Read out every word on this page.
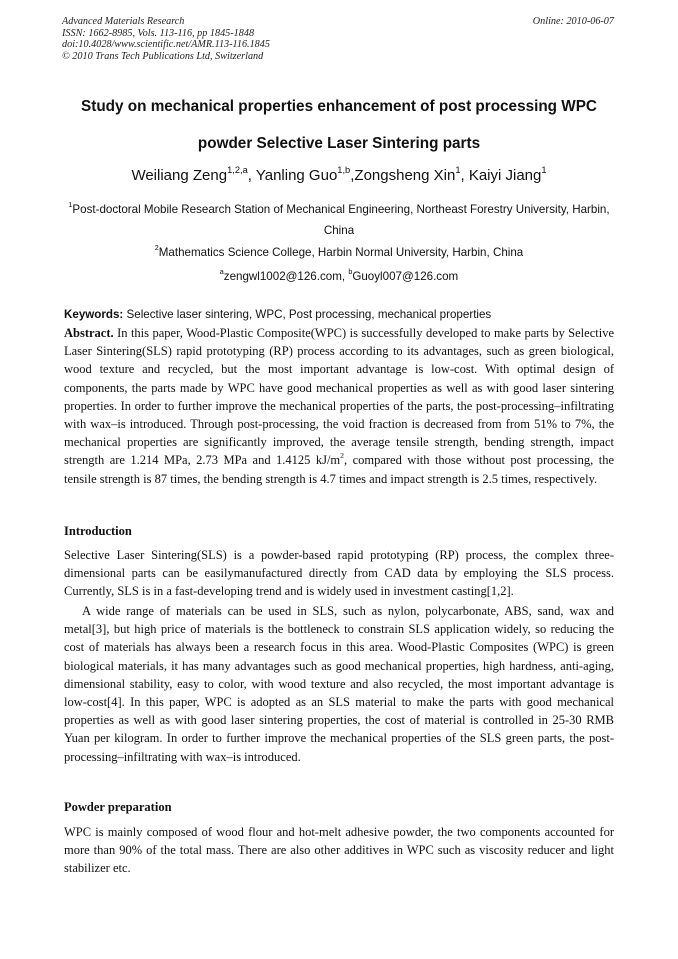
Advanced Materials Research
ISSN: 1662-8985, Vols. 113-116, pp 1845-1848
doi:10.4028/www.scientific.net/AMR.113-116.1845
© 2010 Trans Tech Publications Ltd, Switzerland
Online: 2010-06-07
Study on mechanical properties enhancement of post processing WPC
powder Selective Laser Sintering parts
Weiliang Zeng$^{1,2,a}$, Yanling Guo$^{1,b}$,Zongsheng Xin$^1$, Kaiyi Jiang$^1$
$^1$Post-doctoral Mobile Research Station of Mechanical Engineering, Northeast Forestry University, Harbin, China
$^2$Mathematics Science College, Harbin Normal University, Harbin, China
$^a$zengwl1002@126.com, $^b$Guoyl007@126.com
Keywords: Selective laser sintering, WPC, Post processing, mechanical properties
Abstract. In this paper, Wood-Plastic Composite(WPC) is successfully developed to make parts by Selective Laser Sintering(SLS) rapid prototyping (RP) process according to its advantages, such as green biological, wood texture and recycled, but the most important advantage is low-cost. With optimal design of components, the parts made by WPC have good mechanical properties as well as with good laser sintering properties. In order to further improve the mechanical properties of the parts, the post-processing–infiltrating with wax–is introduced. Through post-processing, the void fraction is decreased from from 51% to 7%, the mechanical properties are significantly improved, the average tensile strength, bending strength, impact strength are 1.214 MPa, 2.73 MPa and 1.4125 $kJ/m^2$, compared with those without post processing, the tensile strength is 87 times, the bending strength is 4.7 times and impact strength is 2.5 times, respectively.
Introduction
Selective Laser Sintering(SLS) is a powder-based rapid prototyping (RP) process, the complex three-dimensional parts can be easilymanufactured directly from CAD data by employing the SLS process. Currently, SLS is in a fast-developing trend and is widely used in investment casting[1,2].
A wide range of materials can be used in SLS, such as nylon, polycarbonate, ABS, sand, wax and metal[3], but high price of materials is the bottleneck to constrain SLS application widely, so reducing the cost of materials has always been a research focus in this area. Wood-Plastic Composites (WPC) is green biological materials, it has many advantages such as good mechanical properties, high hardness, anti-aging, dimensional stability, easy to color, with wood texture and also recycled, the most important advantage is low-cost[4]. In this paper, WPC is adopted as an SLS material to make the parts with good mechanical properties as well as with good laser sintering properties, the cost of material is controlled in 25-30 RMB Yuan per kilogram. In order to further improve the mechanical properties of the SLS green parts, the post-processing–infiltrating with wax–is introduced.
Powder preparation
WPC is mainly composed of wood flour and hot-melt adhesive powder, the two components accounted for more than 90% of the total mass. There are also other additives in WPC such as viscosity reducer and light stabilizer etc.
